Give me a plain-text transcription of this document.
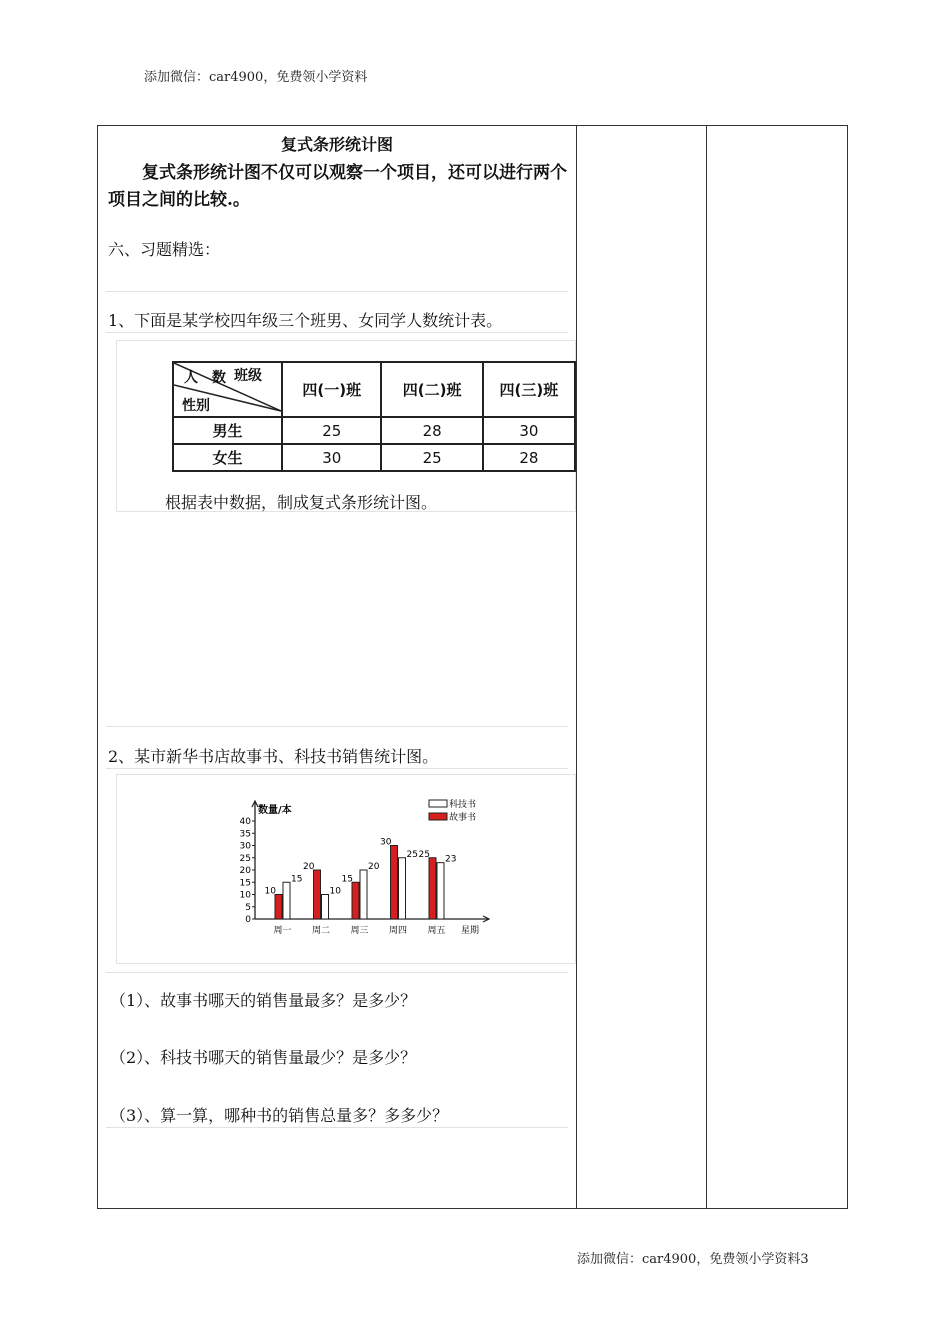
添加微信：car4900，免费领小学资料
复式条形统计图
复式条形统计图不仅可以观察一个项目，还可以进行两个项目之间的比较.。
六、习题精选：
1、下面是某学校四年级三个班男、女同学人数统计表。
班级
人　数
性别	四(一)班	四(二)班	四(三)班
男生	25	28	30
女生	30	25	28
根据表中数据，制成复式条形统计图。
2、某市新华书店故事书、科技书销售统计图。
数量/本
星期
0
5
10
15
20
25
30
35
40
周一 周二 周三 周四 周五
10
15
20
10
15
20
30
25 25 23
科技书
故事书
（1）、故事书哪天的销售量最多？是多少？
（2）、科技书哪天的销售量最少？是多少？
（3）、算一算，哪种书的销售总量多？多多少？
添加微信：car4900，免费领小学资料3
